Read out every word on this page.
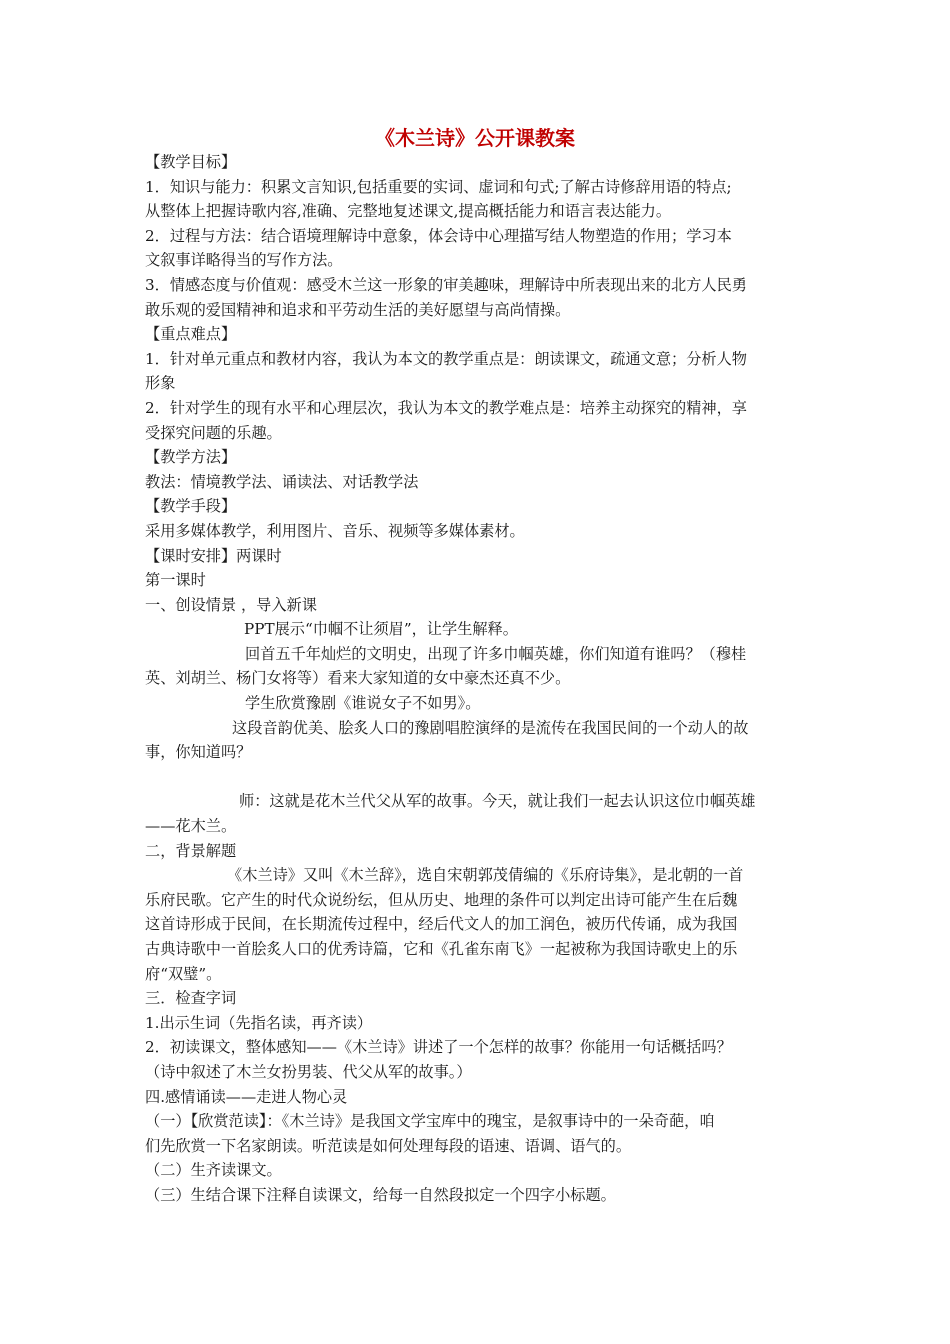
《木兰诗》公开课教案
【教学目标】
1．知识与能力：积累文言知识,包括重要的实词、虚词和句式;了解古诗修辞用语的特点;
从整体上把握诗歌内容,准确、完整地复述课文,提高概括能力和语言表达能力。
2．过程与方法：结合语境理解诗中意象，体会诗中心理描写结人物塑造的作用；学习本
文叙事详略得当的写作方法。
3．情感态度与价值观：感受木兰这一形象的审美趣味，理解诗中所表现出来的北方人民勇
敢乐观的爱国精神和追求和平劳动生活的美好愿望与高尚情操。
【重点难点】
1．针对单元重点和教材内容，我认为本文的教学重点是：朗读课文，疏通文意；分析人物
形象
2．针对学生的现有水平和心理层次，我认为本文的教学难点是：培养主动探究的精神，享
受探究问题的乐趣。
【教学方法】
教法：情境教学法、诵读法、对话教学法
【教学手段】
采用多媒体教学，利用图片、音乐、视频等多媒体素材。
【课时安排】两课时
第一课时
一、创设情景 ，导入新课
PPT展示“巾帼不让须眉”，让学生解释。
回首五千年灿烂的文明史，出现了许多巾帼英雄，你们知道有谁吗？（穆桂
英、刘胡兰、杨门女将等）看来大家知道的女中豪杰还真不少。
学生欣赏豫剧《谁说女子不如男》。
这段音韵优美、脍炙人口的豫剧唱腔演绎的是流传在我国民间的一个动人的故
事，你知道吗？
师：这就是花木兰代父从军的故事。今天，就让我们一起去认识这位巾帼英雄
——花木兰。
二，背景解题
《木兰诗》又叫《木兰辞》，选自宋朝郭茂倩编的《乐府诗集》，是北朝的一首
乐府民歌。它产生的时代众说纷纭，但从历史、地理的条件可以判定出诗可能产生在后魏
这首诗形成于民间，在长期流传过程中，经后代文人的加工润色，被历代传诵，成为我国
古典诗歌中一首脍炙人口的优秀诗篇，它和《孔雀东南飞》一起被称为我国诗歌史上的乐
府“双璧”。
三．检查字词
1.出示生词（先指名读，再齐读）
2．初读课文，整体感知——《木兰诗》讲述了一个怎样的故事？你能用一句话概括吗？
（诗中叙述了木兰女扮男装、代父从军的故事。）
四.感情诵读——走进人物心灵
（一）【欣赏范读】：《木兰诗》是我国文学宝库中的瑰宝，是叙事诗中的一朵奇葩，咱
们先欣赏一下名家朗读。听范读是如何处理每段的语速、语调、语气的。
（二）生齐读课文。
（三）生结合课下注释自读课文，给每一自然段拟定一个四字小标题。
